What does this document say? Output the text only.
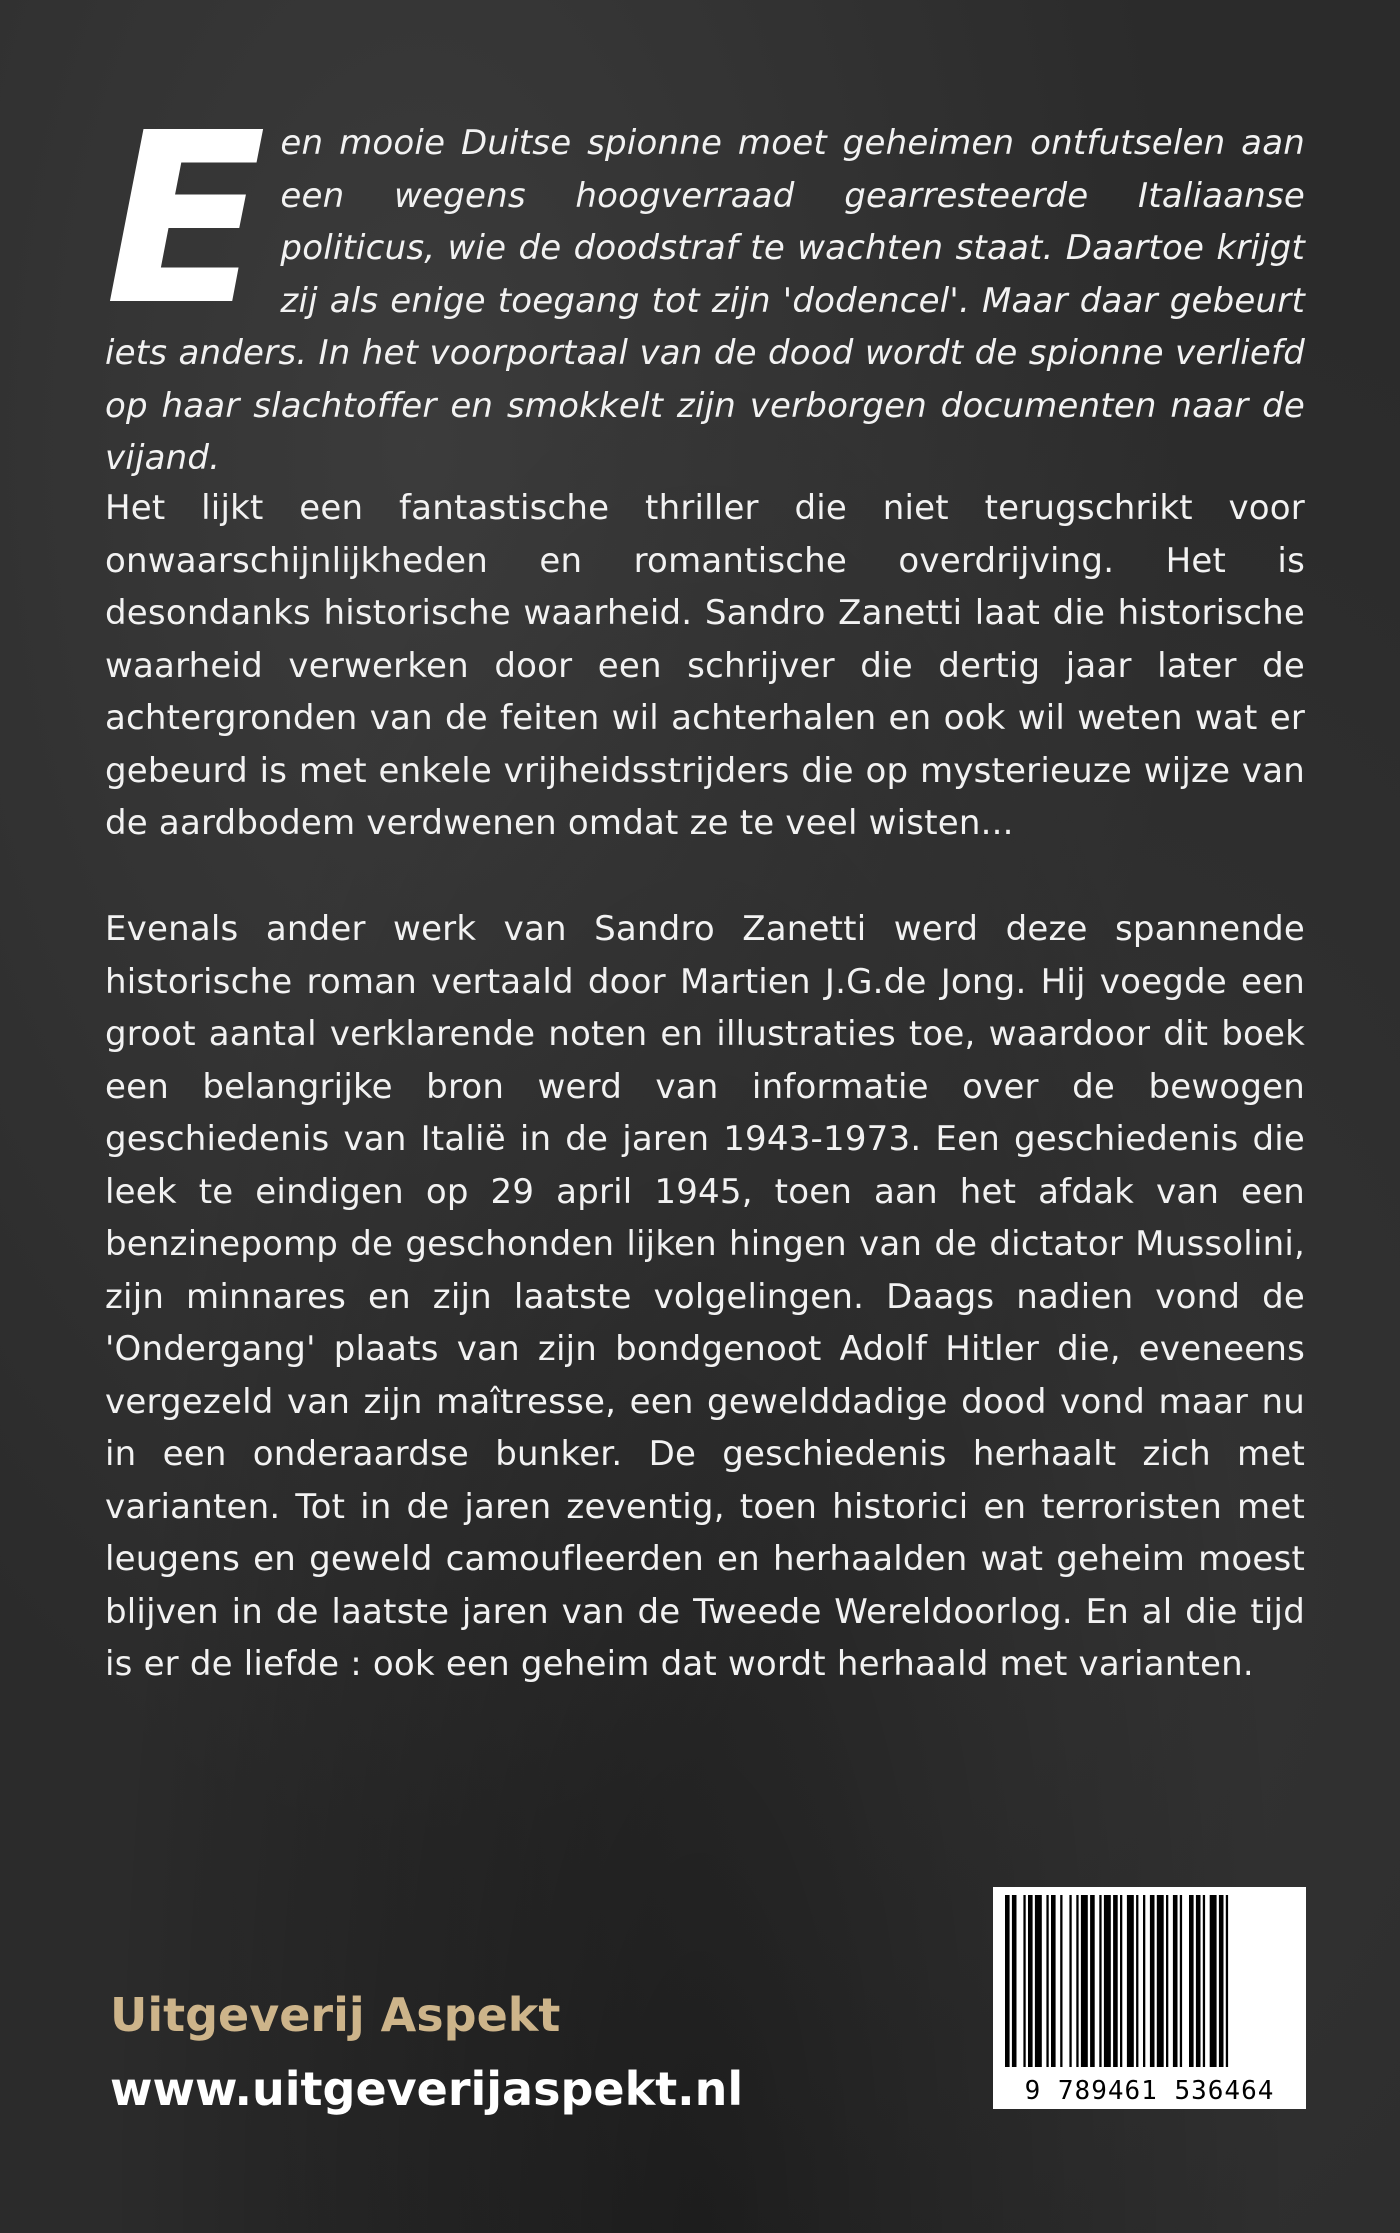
E en mooie Duitse spionne moet geheimen ontfutselen aan een wegens hoogverraad gearresteerde Italiaanse politicus, wie de doodstraf te wachten staat. Daartoe krijgt zij als enige toegang tot zijn 'dodencel'. Maar daar gebeurt iets anders. In het voorportaal van de dood wordt de spionne verliefd op haar slachtoffer en smokkelt zijn verborgen documenten naar de vijand.
Het lijkt een fantastische thriller die niet terugschrikt voor onwaarschijnlijkheden en romantische overdrijving. Het is desondanks historische waarheid. Sandro Zanetti laat die historische waarheid verwerken door een schrijver die dertig jaar later de achtergronden van de feiten wil achterhalen en ook wil weten wat er gebeurd is met enkele vrijheidsstrijders die op mysterieuze wijze van de aardbodem verdwenen omdat ze te veel wisten...
Evenals ander werk van Sandro Zanetti werd deze spannende historische roman vertaald door Martien J.G.de Jong. Hij voegde een groot aantal verklarende noten en illustraties toe, waardoor dit boek een belangrijke bron werd van informatie over de bewogen geschiedenis van Italië in de jaren 1943-1973. Een geschiedenis die leek te eindigen op 29 april 1945, toen aan het afdak van een benzinepomp de geschonden lijken hingen van de dictator Mussolini, zijn minnares en zijn laatste volgelingen. Daags nadien vond de 'Ondergang' plaats van zijn bondgenoot Adolf Hitler die, eveneens vergezeld van zijn maîtresse, een gewelddadige dood vond maar nu in een onderaardse bunker. De geschiedenis herhaalt zich met varianten. Tot in de jaren zeventig, toen historici en terroristen met leugens en geweld camoufleerden en herhaalden wat geheim moest blijven in de laatste jaren van de Tweede Wereldoorlog. En al die tijd is er de liefde : ook een geheim dat wordt herhaald met varianten.
Uitgeverij Aspekt
www.uitgeverijaspekt.nl	9 789461 536464
